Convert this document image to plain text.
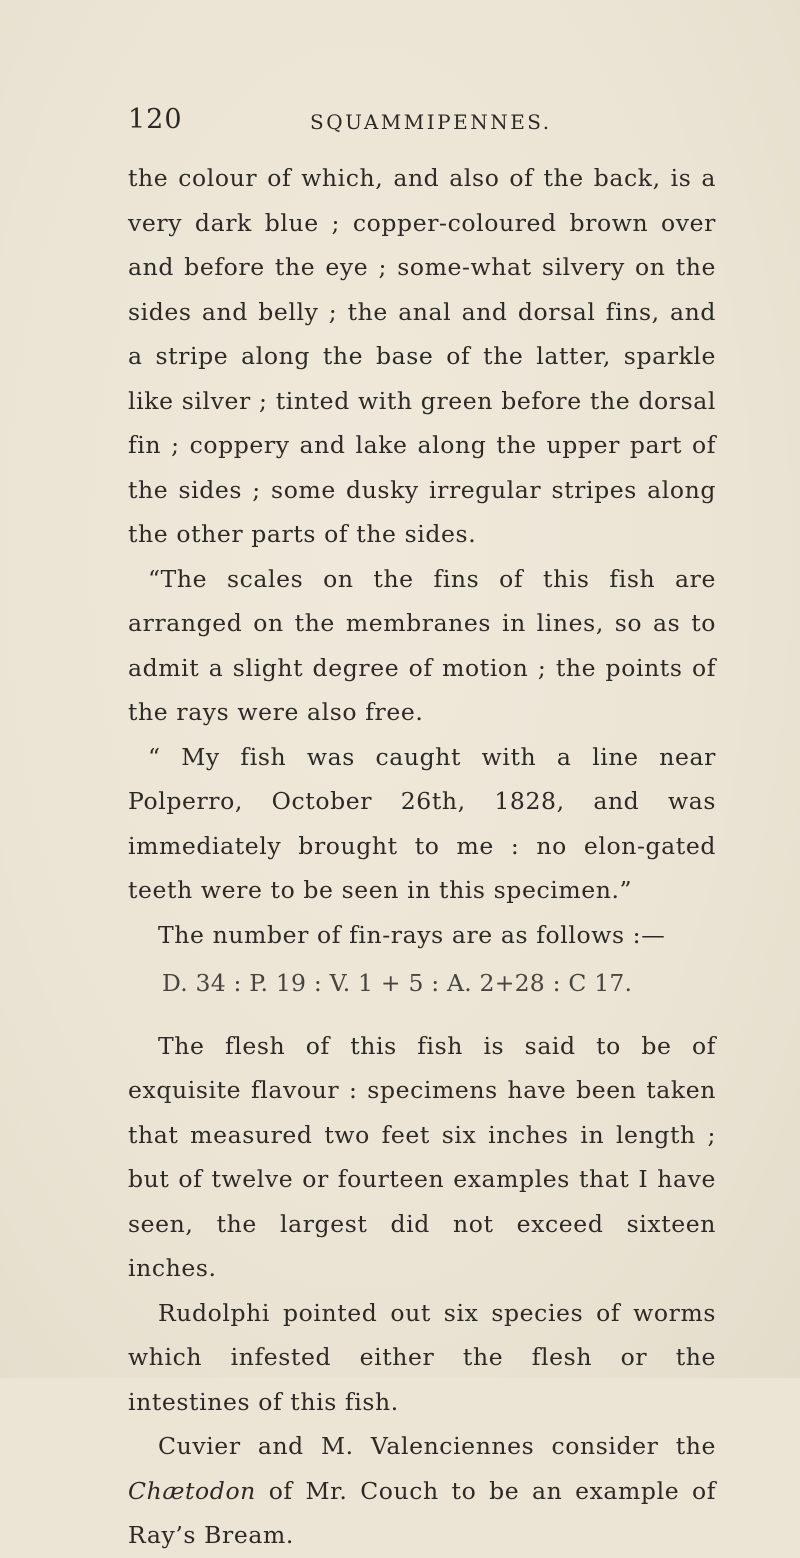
120	SQUAMMIPENNES.

the colour of which, and also of the back, is a very dark blue ; copper-coloured brown over and before the eye ; some-what silvery on the sides and belly ; the anal and dorsal fins, and a stripe along the base of the latter, sparkle like silver ; tinted with green before the dorsal fin ; coppery and lake along the upper part of the sides ; some dusky irregular stripes along the other parts of the sides.

“The scales on the fins of this fish are arranged on the membranes in lines, so as to admit a slight degree of motion ; the points of the rays were also free.

“ My fish was caught with a line near Polperro, October 26th, 1828, and was immediately brought to me : no elon-gated teeth were to be seen in this specimen.”

The number of fin-rays are as follows :—

D. 34 : P. 19 : V. 1 + 5 : A. 2+28 : C 17.

The flesh of this fish is said to be of exquisite flavour : specimens have been taken that measured two feet six inches in length ; but of twelve or fourteen examples that I have seen, the largest did not exceed sixteen inches.

Rudolphi pointed out six species of worms which infested either the flesh or the intestines of this fish.

Cuvier and M. Valenciennes consider the Chætodon of Mr. Couch to be an example of Ray’s Bream.
